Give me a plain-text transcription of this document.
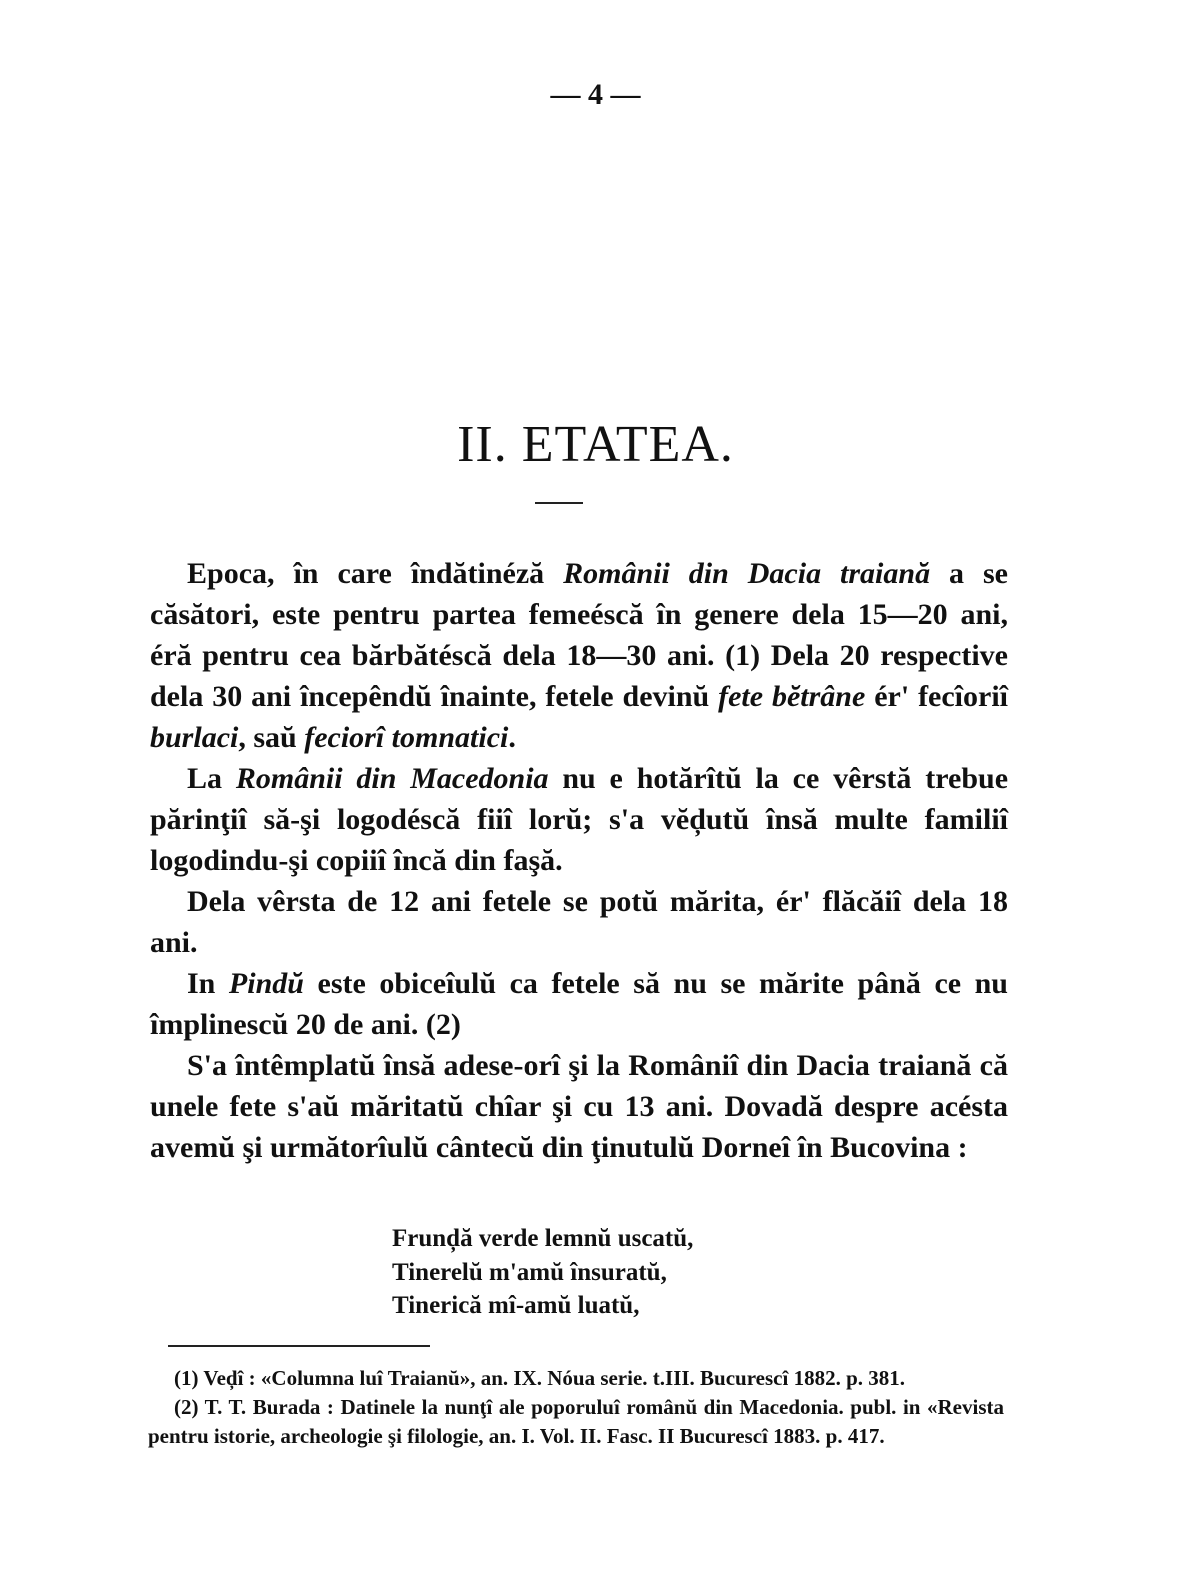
— 4 —
II. ETATEA.

Epoca, în care îndătinéză Românii din Dacia traiană a se căsători, este pentru partea femeéscă în genere dela 15—20 ani, éră pentru cea bărbătéscă dela 18—30 ani. (1) Dela 20 respective dela 30 ani începêndŭ înainte, fetele devinŭ fete bĕtrâne ér' fecîoriî burlaci, saŭ feciorî tomnatici.

La Românii din Macedonia nu e hotărîtŭ la ce vêrstă trebue părinţiî să-şi logodéscă fiiî lorŭ; s'a vĕḑutŭ însă multe familiî logodindu-şi copiiî încă din faşă.

Dela vêrsta de 12 ani fetele se potŭ mărita, ér' flăcăiî dela 18 ani.

In Pindŭ este obiceîulŭ ca fetele să nu se mărite până ce nu împlinescŭ 20 de ani. (2)

S'a întêmplatŭ însă adese-orî şi la Româniî din Dacia traiană că unele fete s'aŭ măritatŭ chîar şi cu 13 ani. Dovadă despre acésta avemŭ şi următorîulŭ cântecŭ din ţinutulŭ Dorneî în Bucovina :

Frunḑă verde lemnŭ uscatŭ,
Tinerelŭ m'amŭ însuratŭ,
Tinerică mî-amŭ luatŭ,

(1) Veḑî : «Columna luî Traianŭ», an. IX. Nóua serie. t.III. Bucurescî 1882. p. 381.

(2) T. T. Burada : Datinele la nunţî ale poporuluî românŭ din Macedonia. publ. in «Revista pentru istorie, archeologie şi filologie, an. I. Vol. II. Fasc. II Bucurescî 1883. p. 417.
